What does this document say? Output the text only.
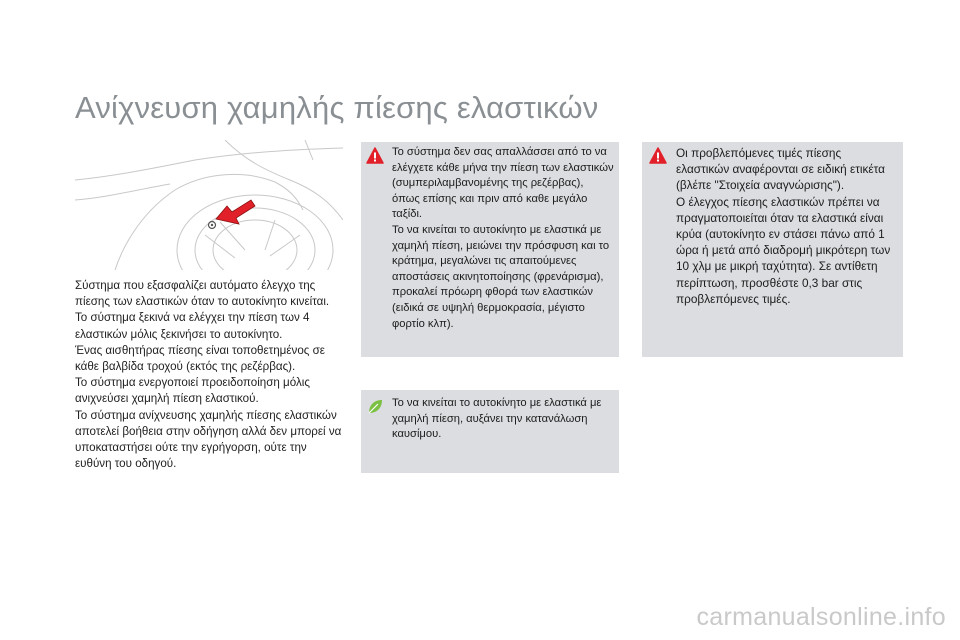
Ανίχνευση χαμηλής πίεσης ελαστικών

Σύστημα που εξασφαλίζει αυτόματο έλεγχο της πίεσης των ελαστικών όταν το αυτοκίνητο κινείται.

Το σύστημα ξεκινά να ελέγχει την πίεση των 4 ελαστικών μόλις ξεκινήσει το αυτοκίνητο.

Ένας αισθητήρας πίεσης είναι τοποθετημένος σε κάθε βαλβίδα τροχού (εκτός της ρεζέρβας).

Το σύστημα ενεργοποιεί προειδοποίηση μόλις ανιχνεύσει χαμηλή πίεση ελαστικού.

Το σύστημα ανίχνευσης χαμηλής πίεσης ελαστικών αποτελεί βοήθεια στην οδήγηση αλλά δεν μπορεί να υποκαταστήσει ούτε την εγρήγορση, ούτε την ευθύνη του οδηγού.

Το σύστημα δεν σας απαλλάσσει από το να ελέγχετε κάθε μήνα την πίεση των ελαστικών (συμπεριλαμβανομένης της ρεζέρβας), όπως επίσης και πριν από καθε μεγάλο ταξίδι.

Το να κινείται το αυτοκίνητο με ελαστικά με χαμηλή πίεση, μειώνει την πρόσφυση και το κράτημα, μεγαλώνει τις απαιτούμενες αποστάσεις ακινητοποίησης (φρενάρισμα), προκαλεί πρόωρη φθορά των ελαστικών (ειδικά σε υψηλή θερμοκρασία, μέγιστο φορτίο κλπ).

Το να κινείται το αυτοκίνητο με ελαστικά με χαμηλή πίεση, αυξάνει την κατανάλωση καυσίμου.

Οι προβλεπόμενες τιμές πίεσης ελαστικών αναφέρονται σε ειδική ετικέτα (βλέπε "Στοιχεία αναγνώρισης").

Ο έλεγχος πίεσης ελαστικών πρέπει να πραγματοποιείται όταν τα ελαστικά είναι κρύα (αυτοκίνητο εν στάσει πάνω από 1 ώρα ή μετά από διαδρομή μικρότερη των 10 χλμ με μικρή ταχύτητα). Σε αντίθετη περίπτωση, προσθέστε 0,3 bar στις προβλεπόμενες τιμές.

carmanualsonline.info
